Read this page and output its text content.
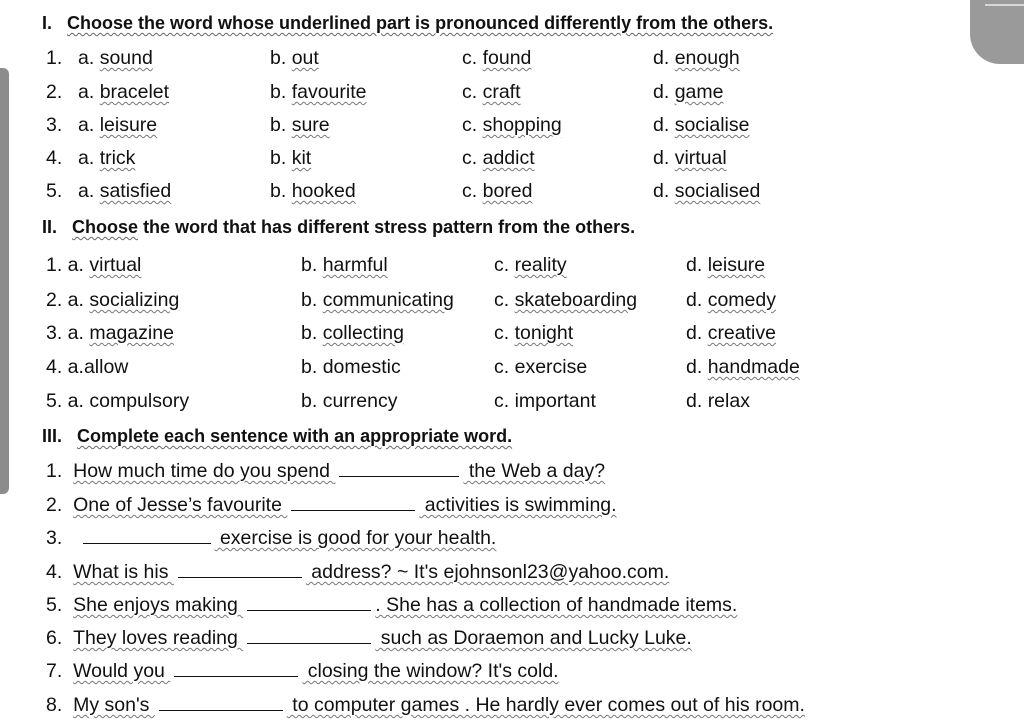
I. Choose the word whose underlined part is pronounced differently from the others.
1. a. sound	b. out	c. found	d. enough
2. a. bracelet	b. favourite	c. craft	d. game
3. a. leisure	b. sure	c. shopping	d. socialise
4. a. trick	b. kit	c. addict	d. virtual
5. a. satisfied	b. hooked	c. bored	d. socialised
II. Choose the word that has different stress pattern from the others.
1. a. virtual	b. harmful	c. reality	d. leisure
2. a. socializing	b. communicating c. skateboarding	d. comedy
3. a. magazine	b. collecting	c. tonight	d. creative
4. a.allow	b. domestic	c. exercise	d. handmade
5. a. compulsory	b. currency	c. important	d. relax
III. Complete each sentence with an appropriate word.
1. How much time do you spend	the Web a day?
2. One of Jesse’s favourite	activities is swimming.
3.	exercise is good for your health.
4. What is his	address? ~ It's ejohnsonl23@yahoo.com.
5. She enjoys making	. She has a collection of handmade items.
6. They loves reading	such as Doraemon and Lucky Luke.
7. Would you	closing the window? It's cold.
8. My son's	to computer games . He hardly ever comes out of his room.
